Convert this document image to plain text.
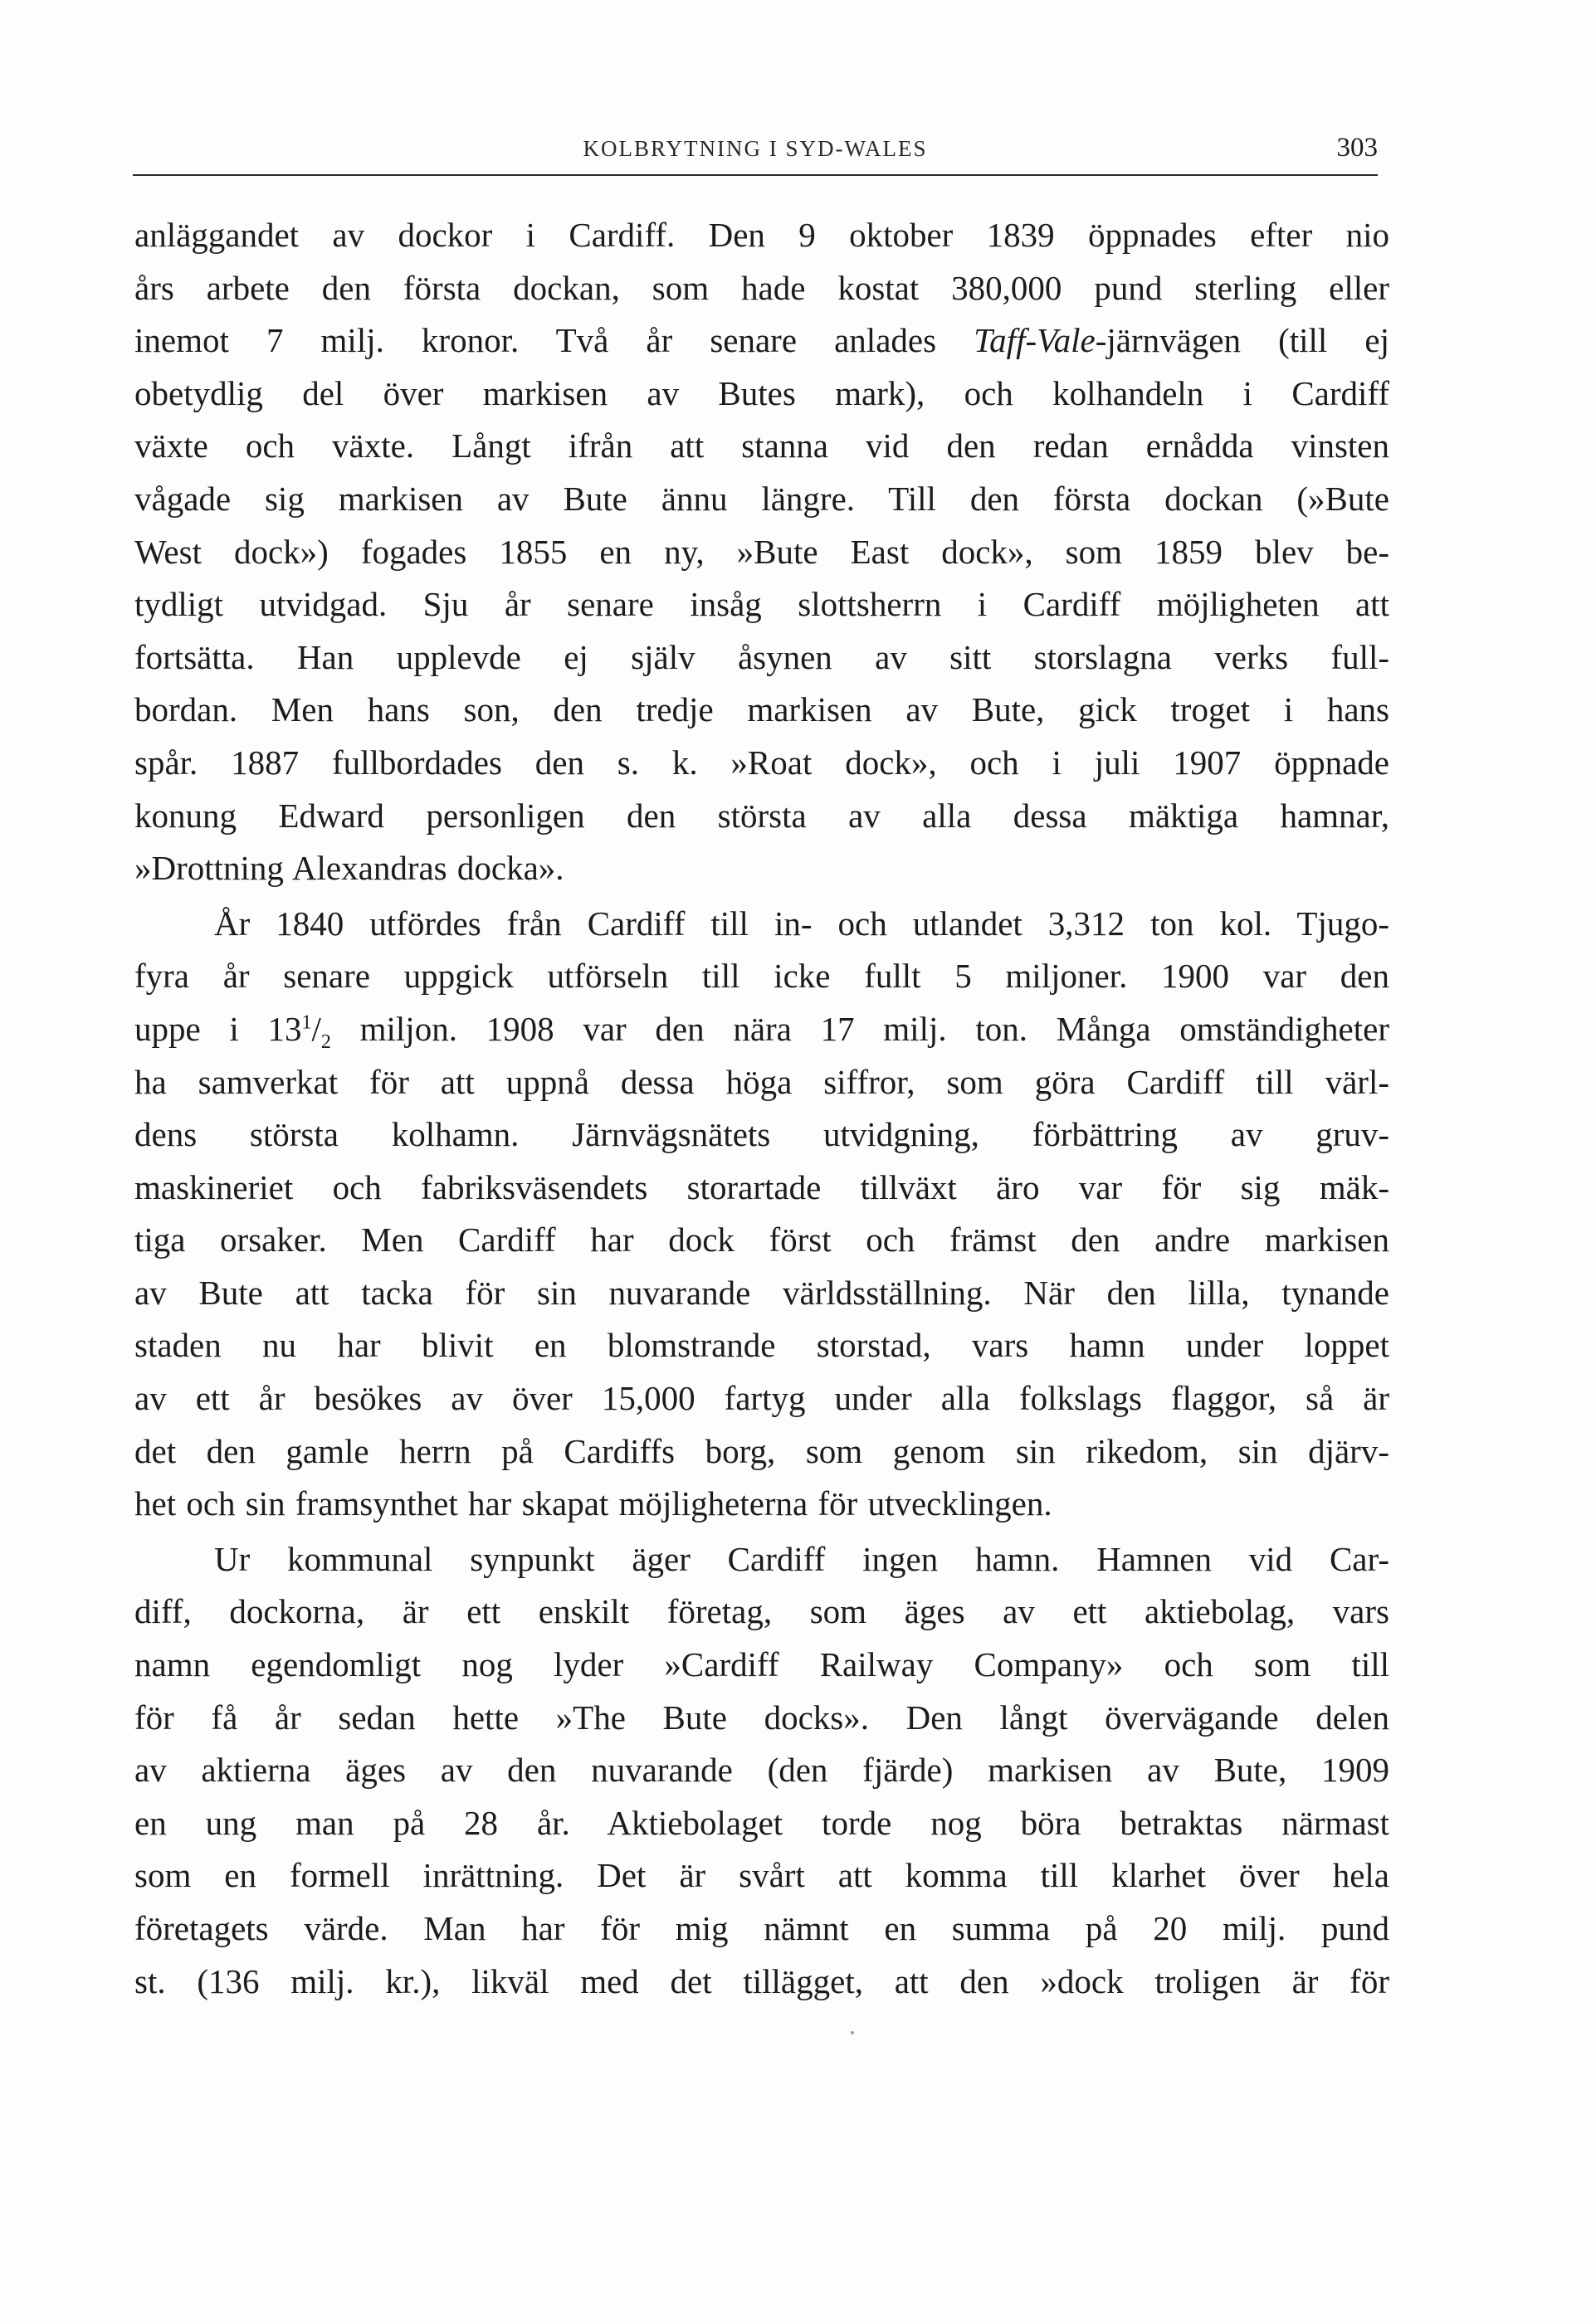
KOLBRYTNING I SYD-WALES	303

anläggandet av dockor i Cardiff. Den 9 oktober 1839 öppnades efter nio
års arbete den första dockan, som hade kostat 380,000 pund sterling eller
inemot 7 milj. kronor. Två år senare anlades Taff-Vale-järnvägen (till ej
obetydlig del över markisen av Butes mark), och kolhandeln i Cardiff
växte och växte. Långt ifrån att stanna vid den redan ernådda vinsten
vågade sig markisen av Bute ännu längre. Till den första dockan (»Bute
West dock») fogades 1855 en ny, »Bute East dock», som 1859 blev be-
tydligt utvidgad. Sju år senare insåg slottsherrn i Cardiff möjligheten att
fortsätta. Han upplevde ej själv åsynen av sitt storslagna verks full-
bordan. Men hans son, den tredje markisen av Bute, gick troget i hans
spår. 1887 fullbordades den s. k. »Roat dock», och i juli 1907 öppnade
konung Edward personligen den största av alla dessa mäktiga hamnar,
»Drottning Alexandras docka».

År 1840 utfördes från Cardiff till in- och utlandet 3,312 ton kol. Tjugo-
fyra år senare uppgick utförseln till icke fullt 5 miljoner. 1900 var den
uppe i $13^1/_2$ miljon. 1908 var den nära 17 milj. ton. Många omständigheter
ha samverkat för att uppnå dessa höga siffror, som göra Cardiff till värl-
dens största kolhamn. Järnvägsnätets utvidgning, förbättring av gruv-
maskineriet och fabriksväsendets storartade tillväxt äro var för sig mäk-
tiga orsaker. Men Cardiff har dock först och främst den andre markisen
av Bute att tacka för sin nuvarande världsställning. När den lilla, tynande
staden nu har blivit en blomstrande storstad, vars hamn under loppet
av ett år besökes av över 15,000 fartyg under alla folkslags flaggor, så är
det den gamle herrn på Cardiffs borg, som genom sin rikedom, sin djärv-
het och sin framsynthet har skapat möjligheterna för utvecklingen.

Ur kommunal synpunkt äger Cardiff ingen hamn. Hamnen vid Car-
diff, dockorna, är ett enskilt företag, som äges av ett aktiebolag, vars
namn egendomligt nog lyder »Cardiff Railway Company» och som till
för få år sedan hette »The Bute docks». Den långt övervägande delen
av aktierna äges av den nuvarande (den fjärde) markisen av Bute, 1909
en ung man på 28 år. Aktiebolaget torde nog böra betraktas närmast
som en formell inrättning. Det är svårt att komma till klarhet över hela
företagets värde. Man har för mig nämnt en summa på 20 milj. pund
st. (136 milj. kr.), likväl med det tillägget, att den »dock troligen är för
